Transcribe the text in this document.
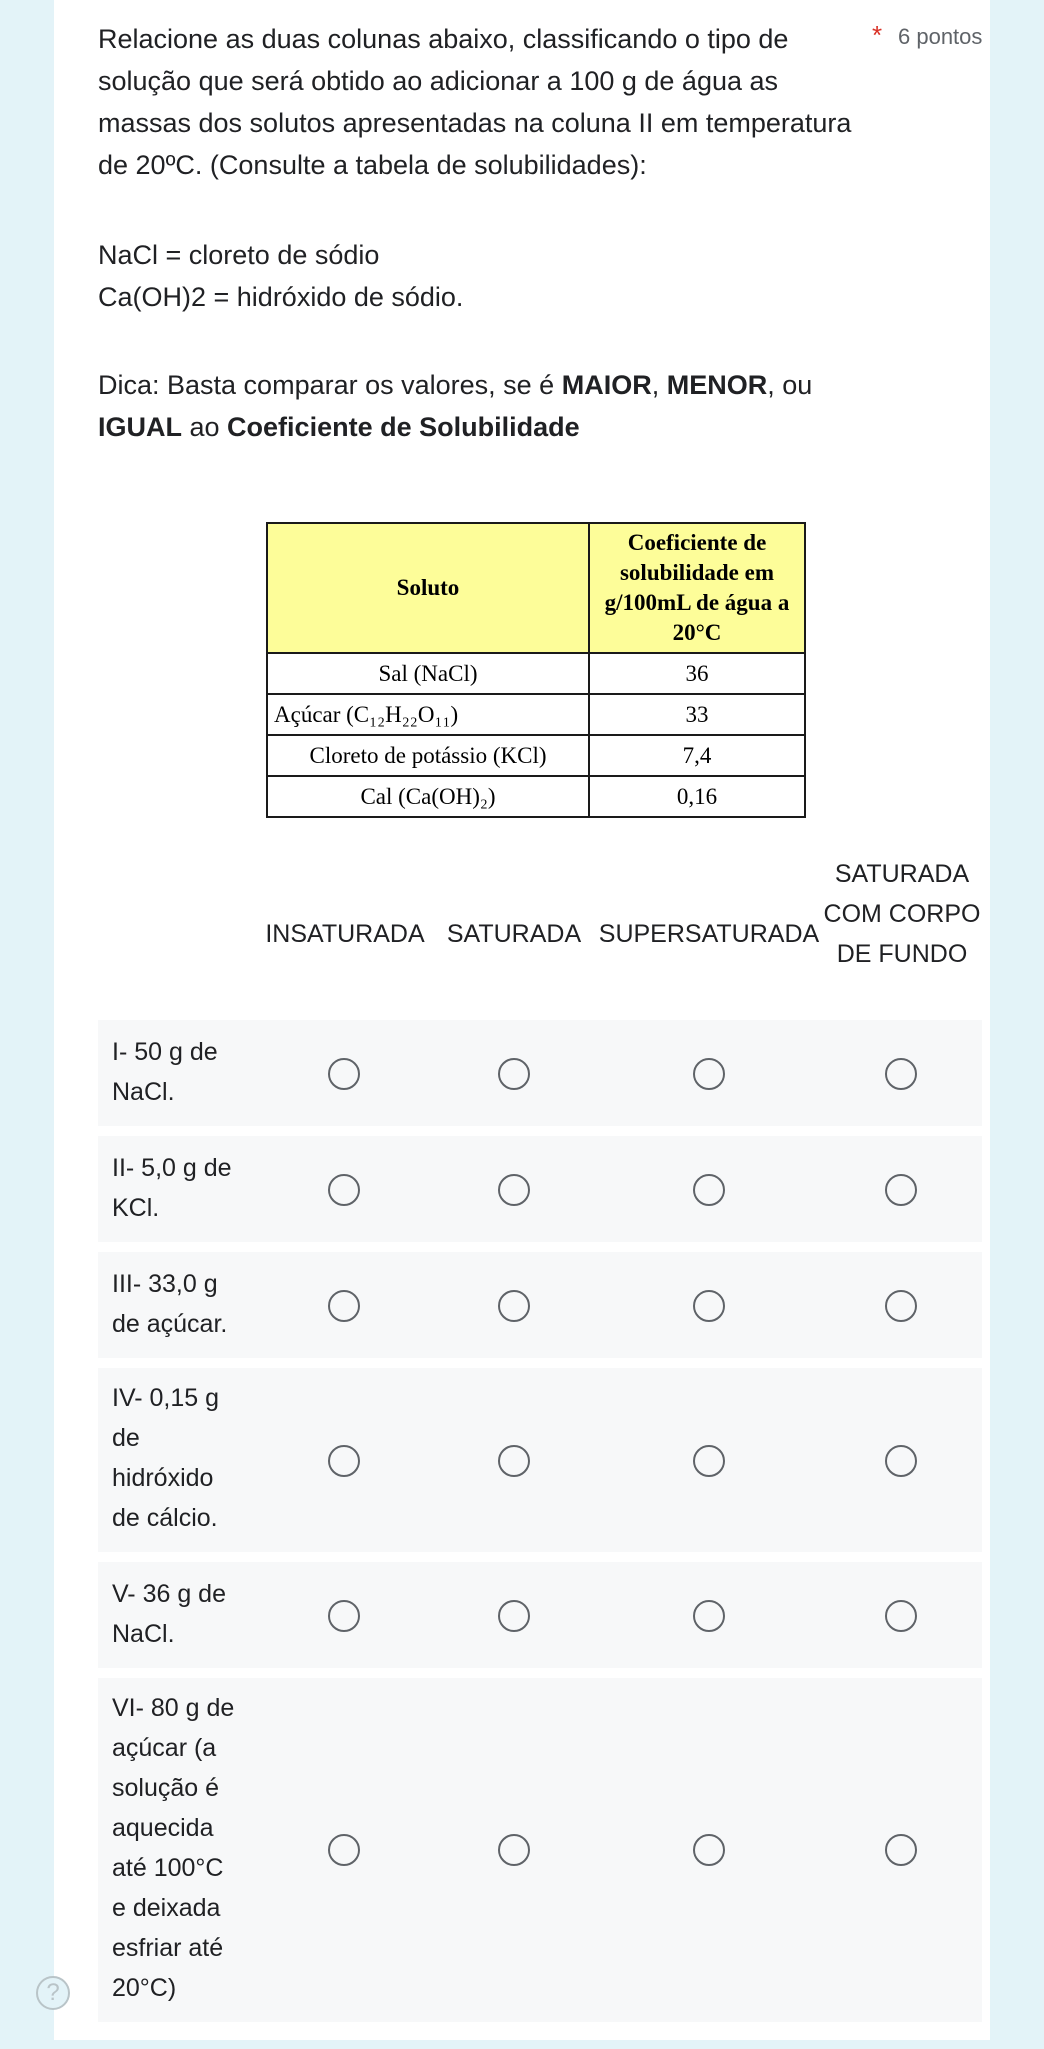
Relacione as duas colunas abaixo, classificando o tipo de solução que será obtido ao adicionar a 100 g de água as massas dos solutos apresentadas na coluna II em temperatura de 20ºC. (Consulte a tabela de solubilidades):

* 6 pontos
NaCl = cloreto de sódio
Ca(OH)2 = hidróxido de sódio.
Dica: Basta comparar os valores, se é MAIOR, MENOR, ou IGUAL ao Coeficiente de Solubilidade
Soluto	Coeficiente de solubilidade em g/100mL de água a 20°C
Sal (NaCl)	36
Açúcar (C₁₂H₂₂O₁₁)	33
Cloreto de potássio (KCl)	7,4
Cal (Ca(OH)₂)	0,16
INSATURADA SATURADA SUPERSATURADA
SATURADA COM CORPO DE FUNDO
I- 50 g de NaCl.
II- 5,0 g de KCl.
III- 33,0 g de açúcar.
IV- 0,15 g de hidróxido de cálcio.
V- 36 g de NaCl.
VI- 80 g de açúcar (a solução é aquecida até 100°C e deixada esfriar até 20°C)
?
